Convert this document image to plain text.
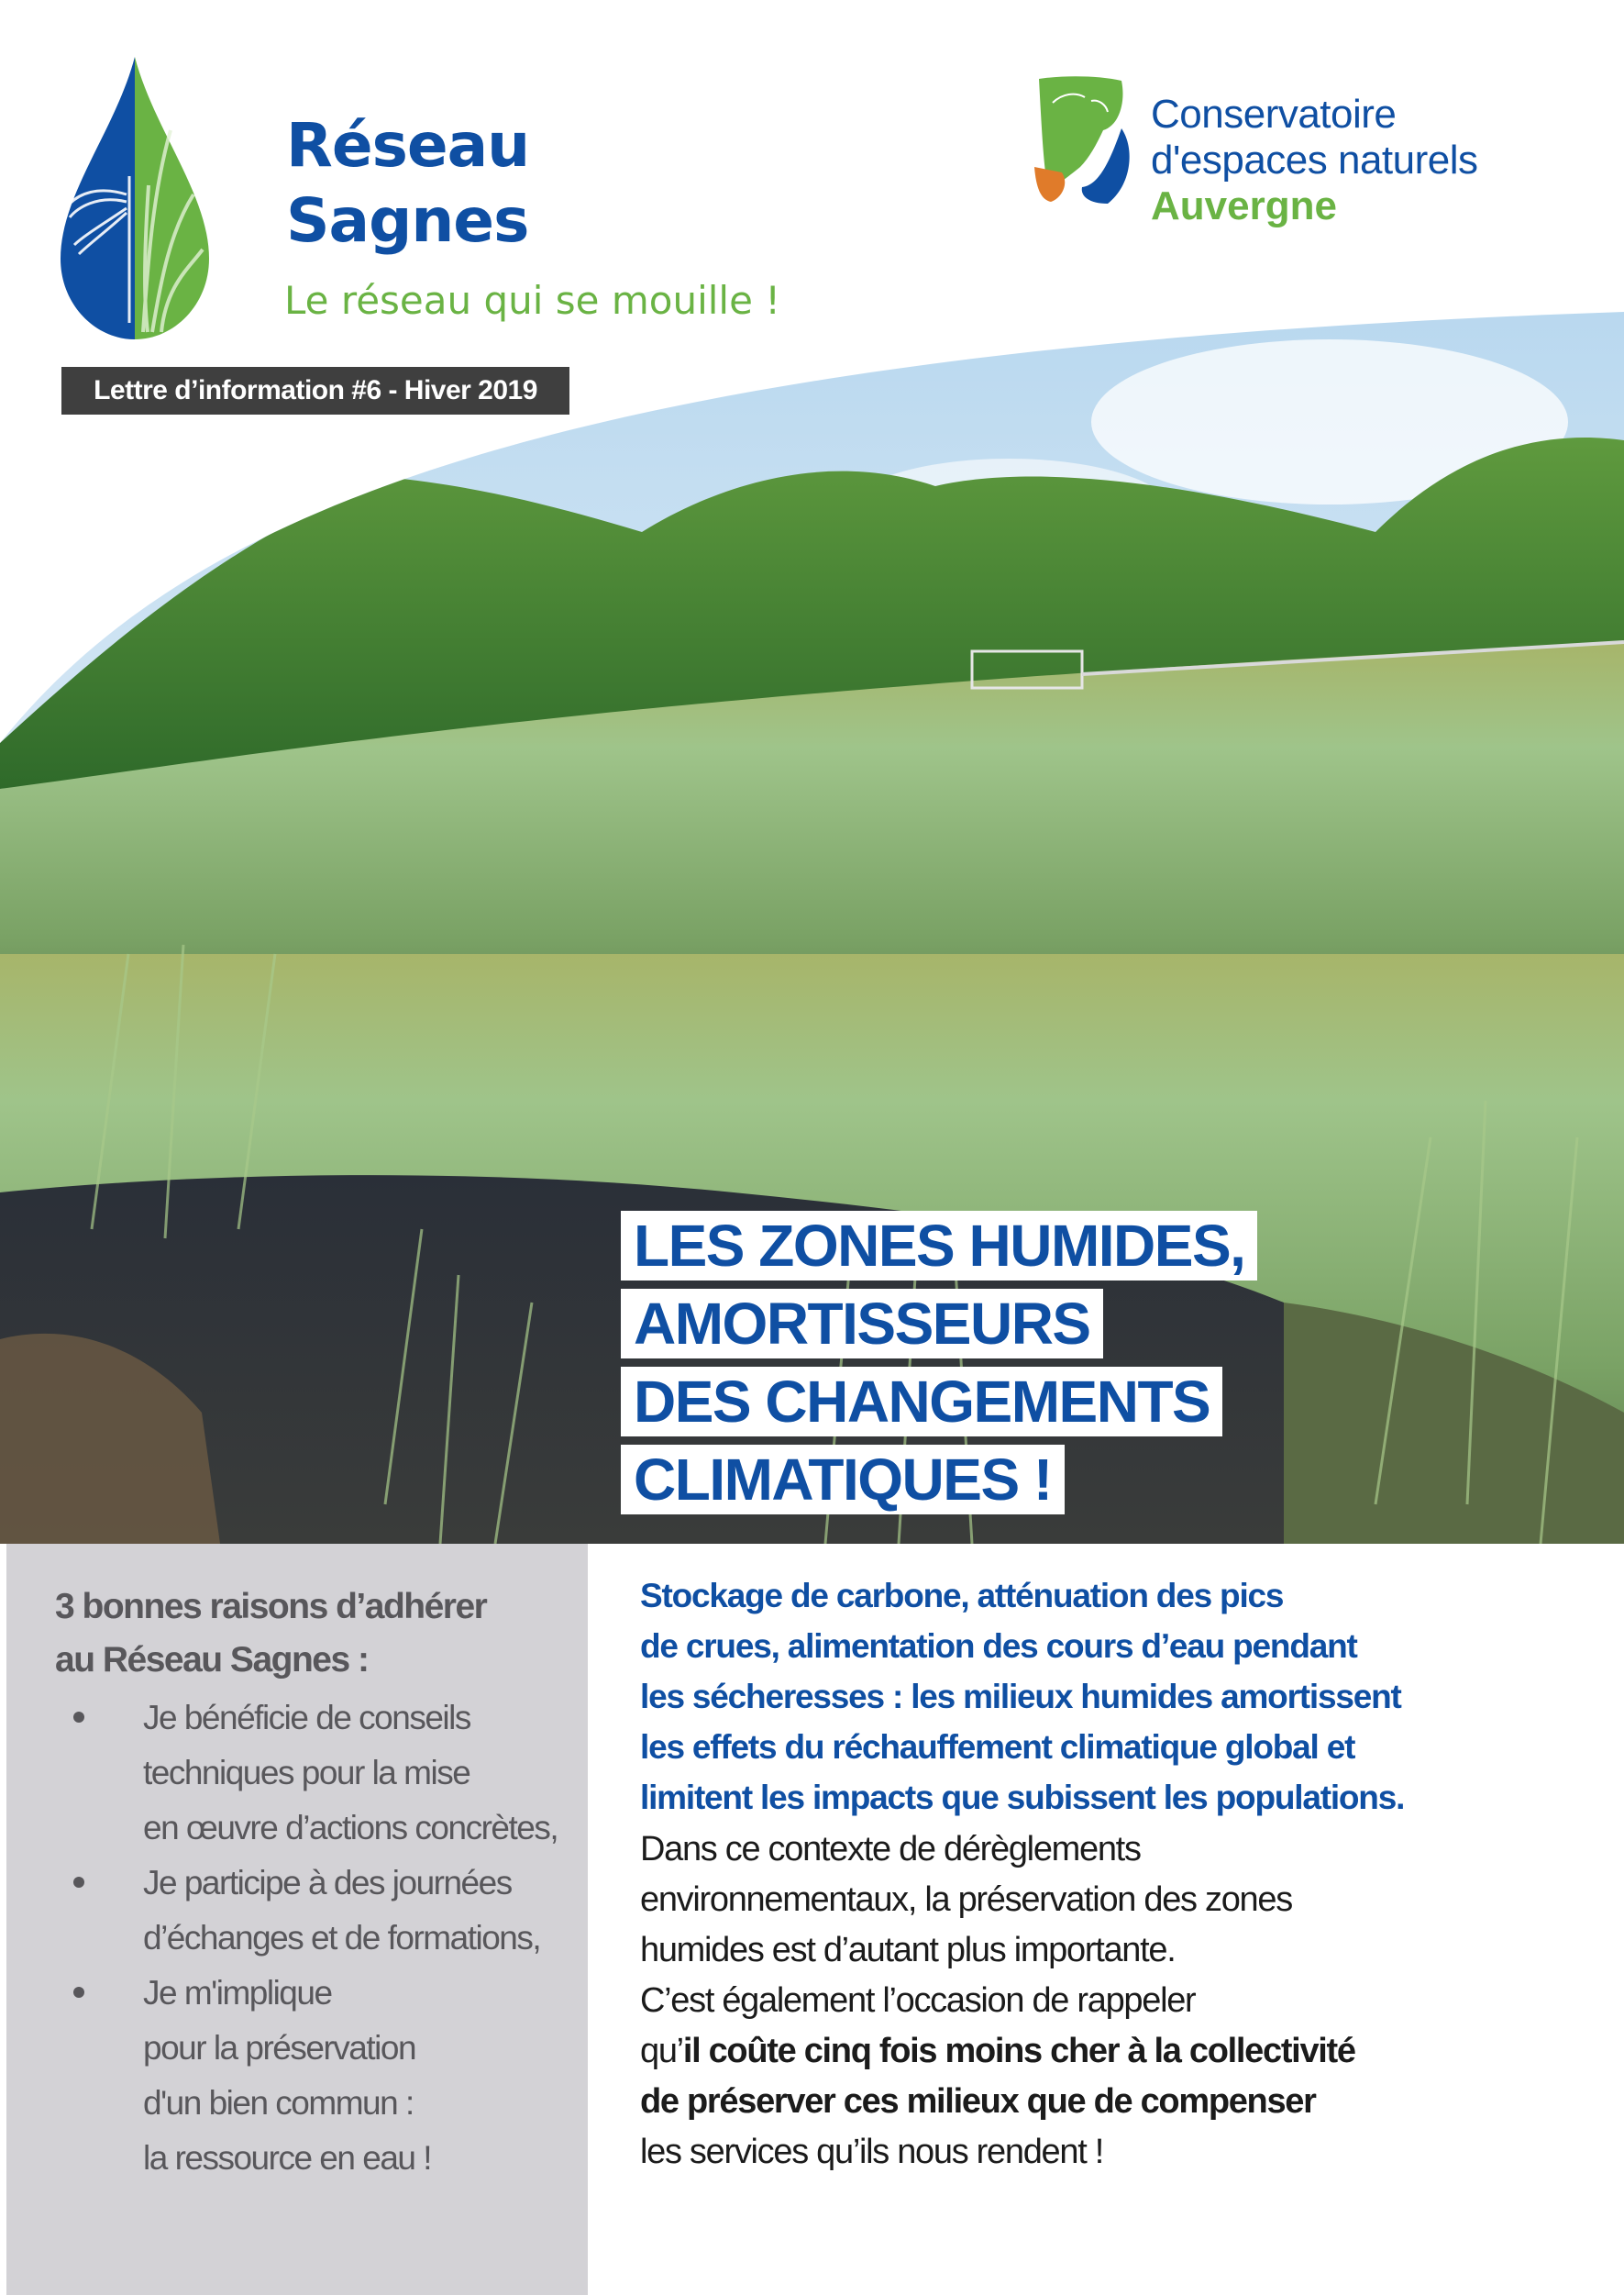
Réseau
Sagnes
Le réseau qui se mouille !
Lettre d’information #6 - Hiver 2019
Conservatoire
d'espaces naturels
Auvergne
LES ZONES HUMIDES,
AMORTISSEURS
DES CHANGEMENTS
CLIMATIQUES !
3 bonnes raisons d’adhérer
au Réseau Sagnes :
Je bénéficie de conseils
techniques pour la mise
en œuvre d’actions concrètes,
Je participe à des journées
d’échanges et de formations,
Je m'implique
pour la préservation
d'un bien commun :
la ressource en eau !
Stockage de carbone, atténuation des pics
de crues, alimentation des cours d’eau pendant
les sécheresses : les milieux humides amortissent
les effets du réchauffement climatique global et
limitent les impacts que subissent les populations.
Dans ce contexte de dérèglements
environnementaux, la préservation des zones
humides est d’autant plus importante.
C’est également l’occasion de rappeler
qu’il coûte cinq fois moins cher à la collectivité
de préserver ces milieux que de compenser
les services qu’ils nous rendent !
